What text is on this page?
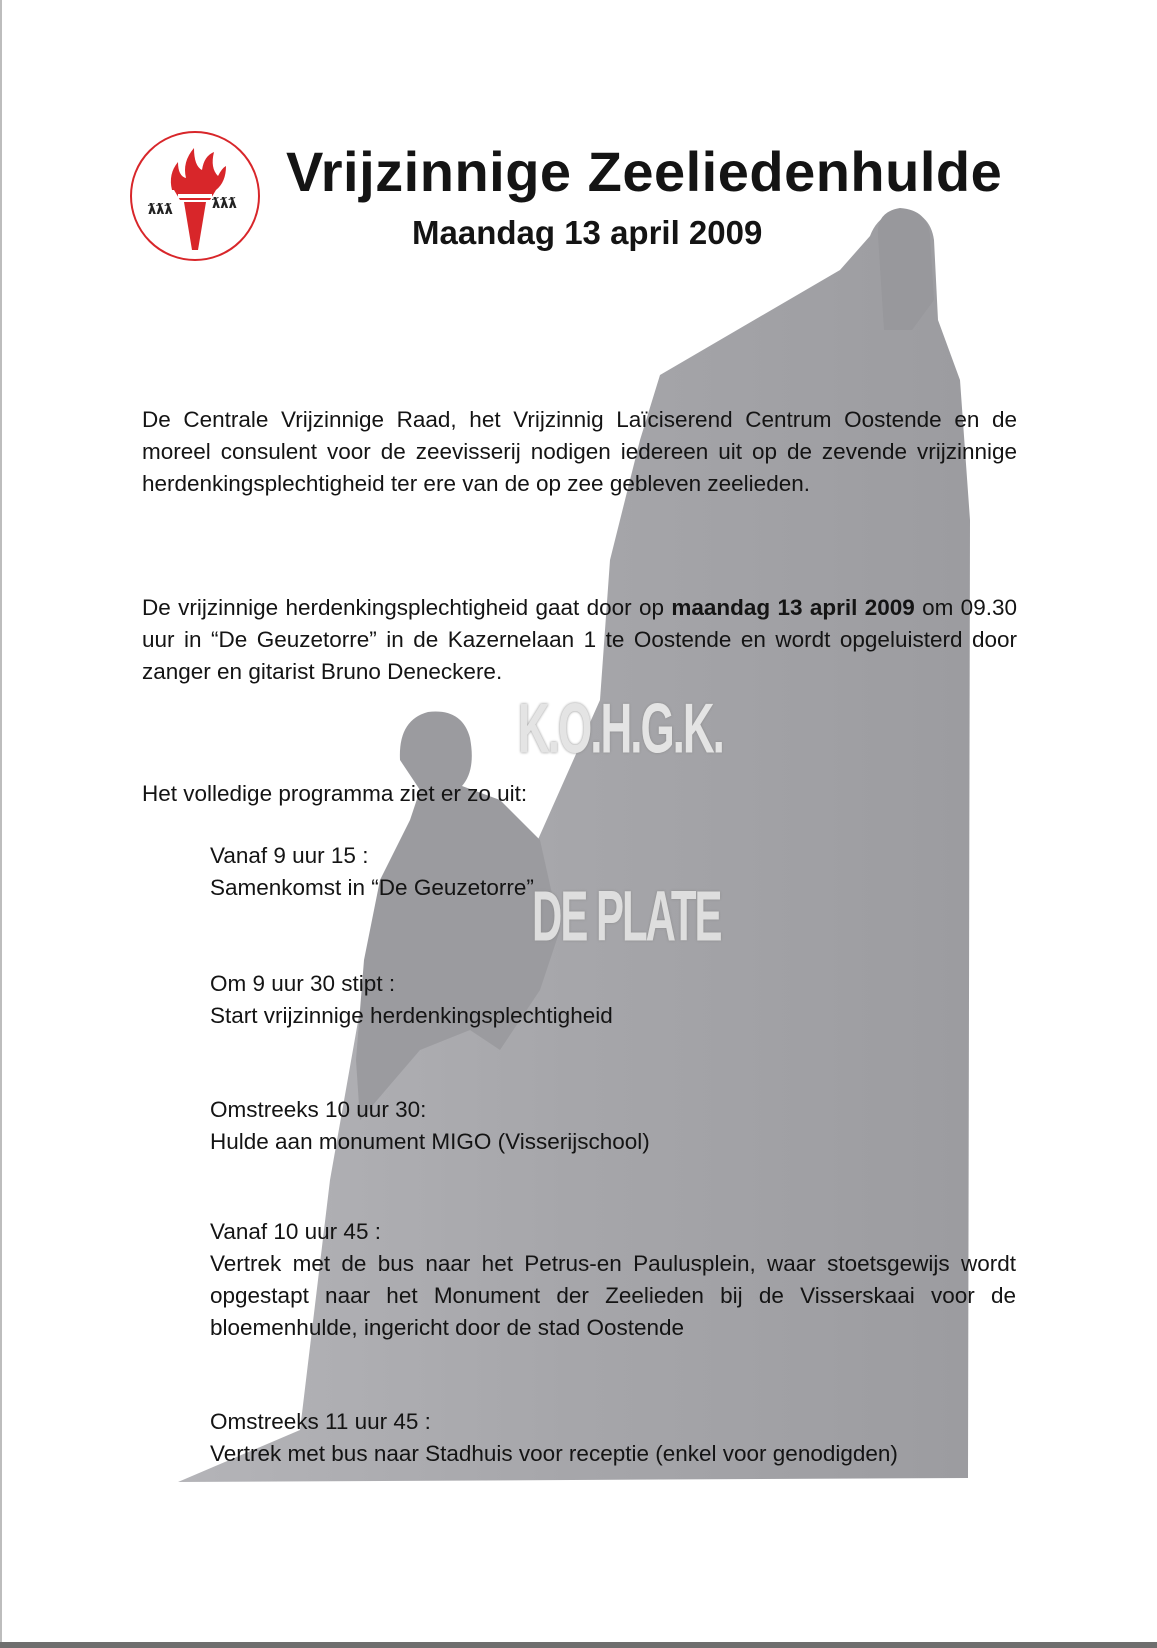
K.O.H.G.K.
DE PLATE
ƛƛƛ	ƛƛƛ
Vrijzinnige Zeeliedenhulde
Maandag 13 april 2009
De Centrale Vrijzinnige Raad, het Vrijzinnig Laïciserend Centrum Oostende en de moreel consulent voor de zeevisserij nodigen iedereen uit op de zevende vrijzinnige herdenkingsplechtigheid ter ere van de op zee gebleven zeelieden.
De vrijzinnige herdenkingsplechtigheid gaat door op maandag 13 april 2009 om 09.30 uur in “De Geuzetorre” in de Kazernelaan 1 te Oostende en wordt opgeluisterd door zanger en gitarist Bruno Deneckere.
Het volledige programma ziet er zo uit:
Vanaf 9 uur 15 :
Samenkomst in “De Geuzetorre”
Om 9 uur 30 stipt :
Start vrijzinnige herdenkingsplechtigheid
Omstreeks 10 uur 30:
Hulde aan monument MIGO (Visserijschool)
Vanaf 10 uur 45 :
Vertrek met de bus naar het Petrus-en Paulusplein, waar stoetsgewijs wordt opgestapt naar het Monument der Zeelieden bij de Visserskaai voor de bloemenhulde, ingericht door de stad Oostende
Omstreeks 11 uur 45 :
Vertrek met bus naar Stadhuis voor receptie (enkel voor genodigden)
